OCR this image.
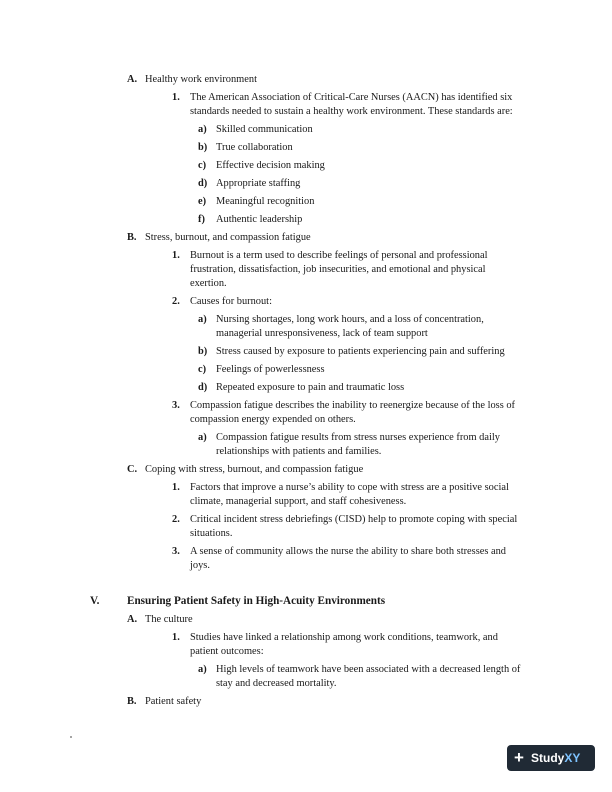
A. Healthy work environment
1. The American Association of Critical-Care Nurses (AACN) has identified six
standards needed to sustain a healthy work environment. These standards are:
a) Skilled communication
b) True collaboration
c) Effective decision making
d) Appropriate staffing
e) Meaningful recognition
f) Authentic leadership
B. Stress, burnout, and compassion fatigue
1. Burnout is a term used to describe feelings of personal and professional
frustration, dissatisfaction, job insecurities, and emotional and physical
exertion.
2. Causes for burnout:
a) Nursing shortages, long work hours, and a loss of concentration,
managerial unresponsiveness, lack of team support
b) Stress caused by exposure to patients experiencing pain and suffering
c) Feelings of powerlessness
d) Repeated exposure to pain and traumatic loss
3. Compassion fatigue describes the inability to reenergize because of the loss of
compassion energy expended on others.
a) Compassion fatigue results from stress nurses experience from daily
relationships with patients and families.
C. Coping with stress, burnout, and compassion fatigue
1. Factors that improve a nurse’s ability to cope with stress are a positive social
climate, managerial support, and staff cohesiveness.
2. Critical incident stress debriefings (CISD) help to promote coping with special
situations.
3. A sense of community allows the nurse the ability to share both stresses and
joys.
V. Ensuring Patient Safety in High-Acuity Environments
A. The culture
1. Studies have linked a relationship among work conditions, teamwork, and
patient outcomes:
a) High levels of teamwork have been associated with a decreased length of
stay and decreased mortality.
B. Patient safety
+ StudyXY
